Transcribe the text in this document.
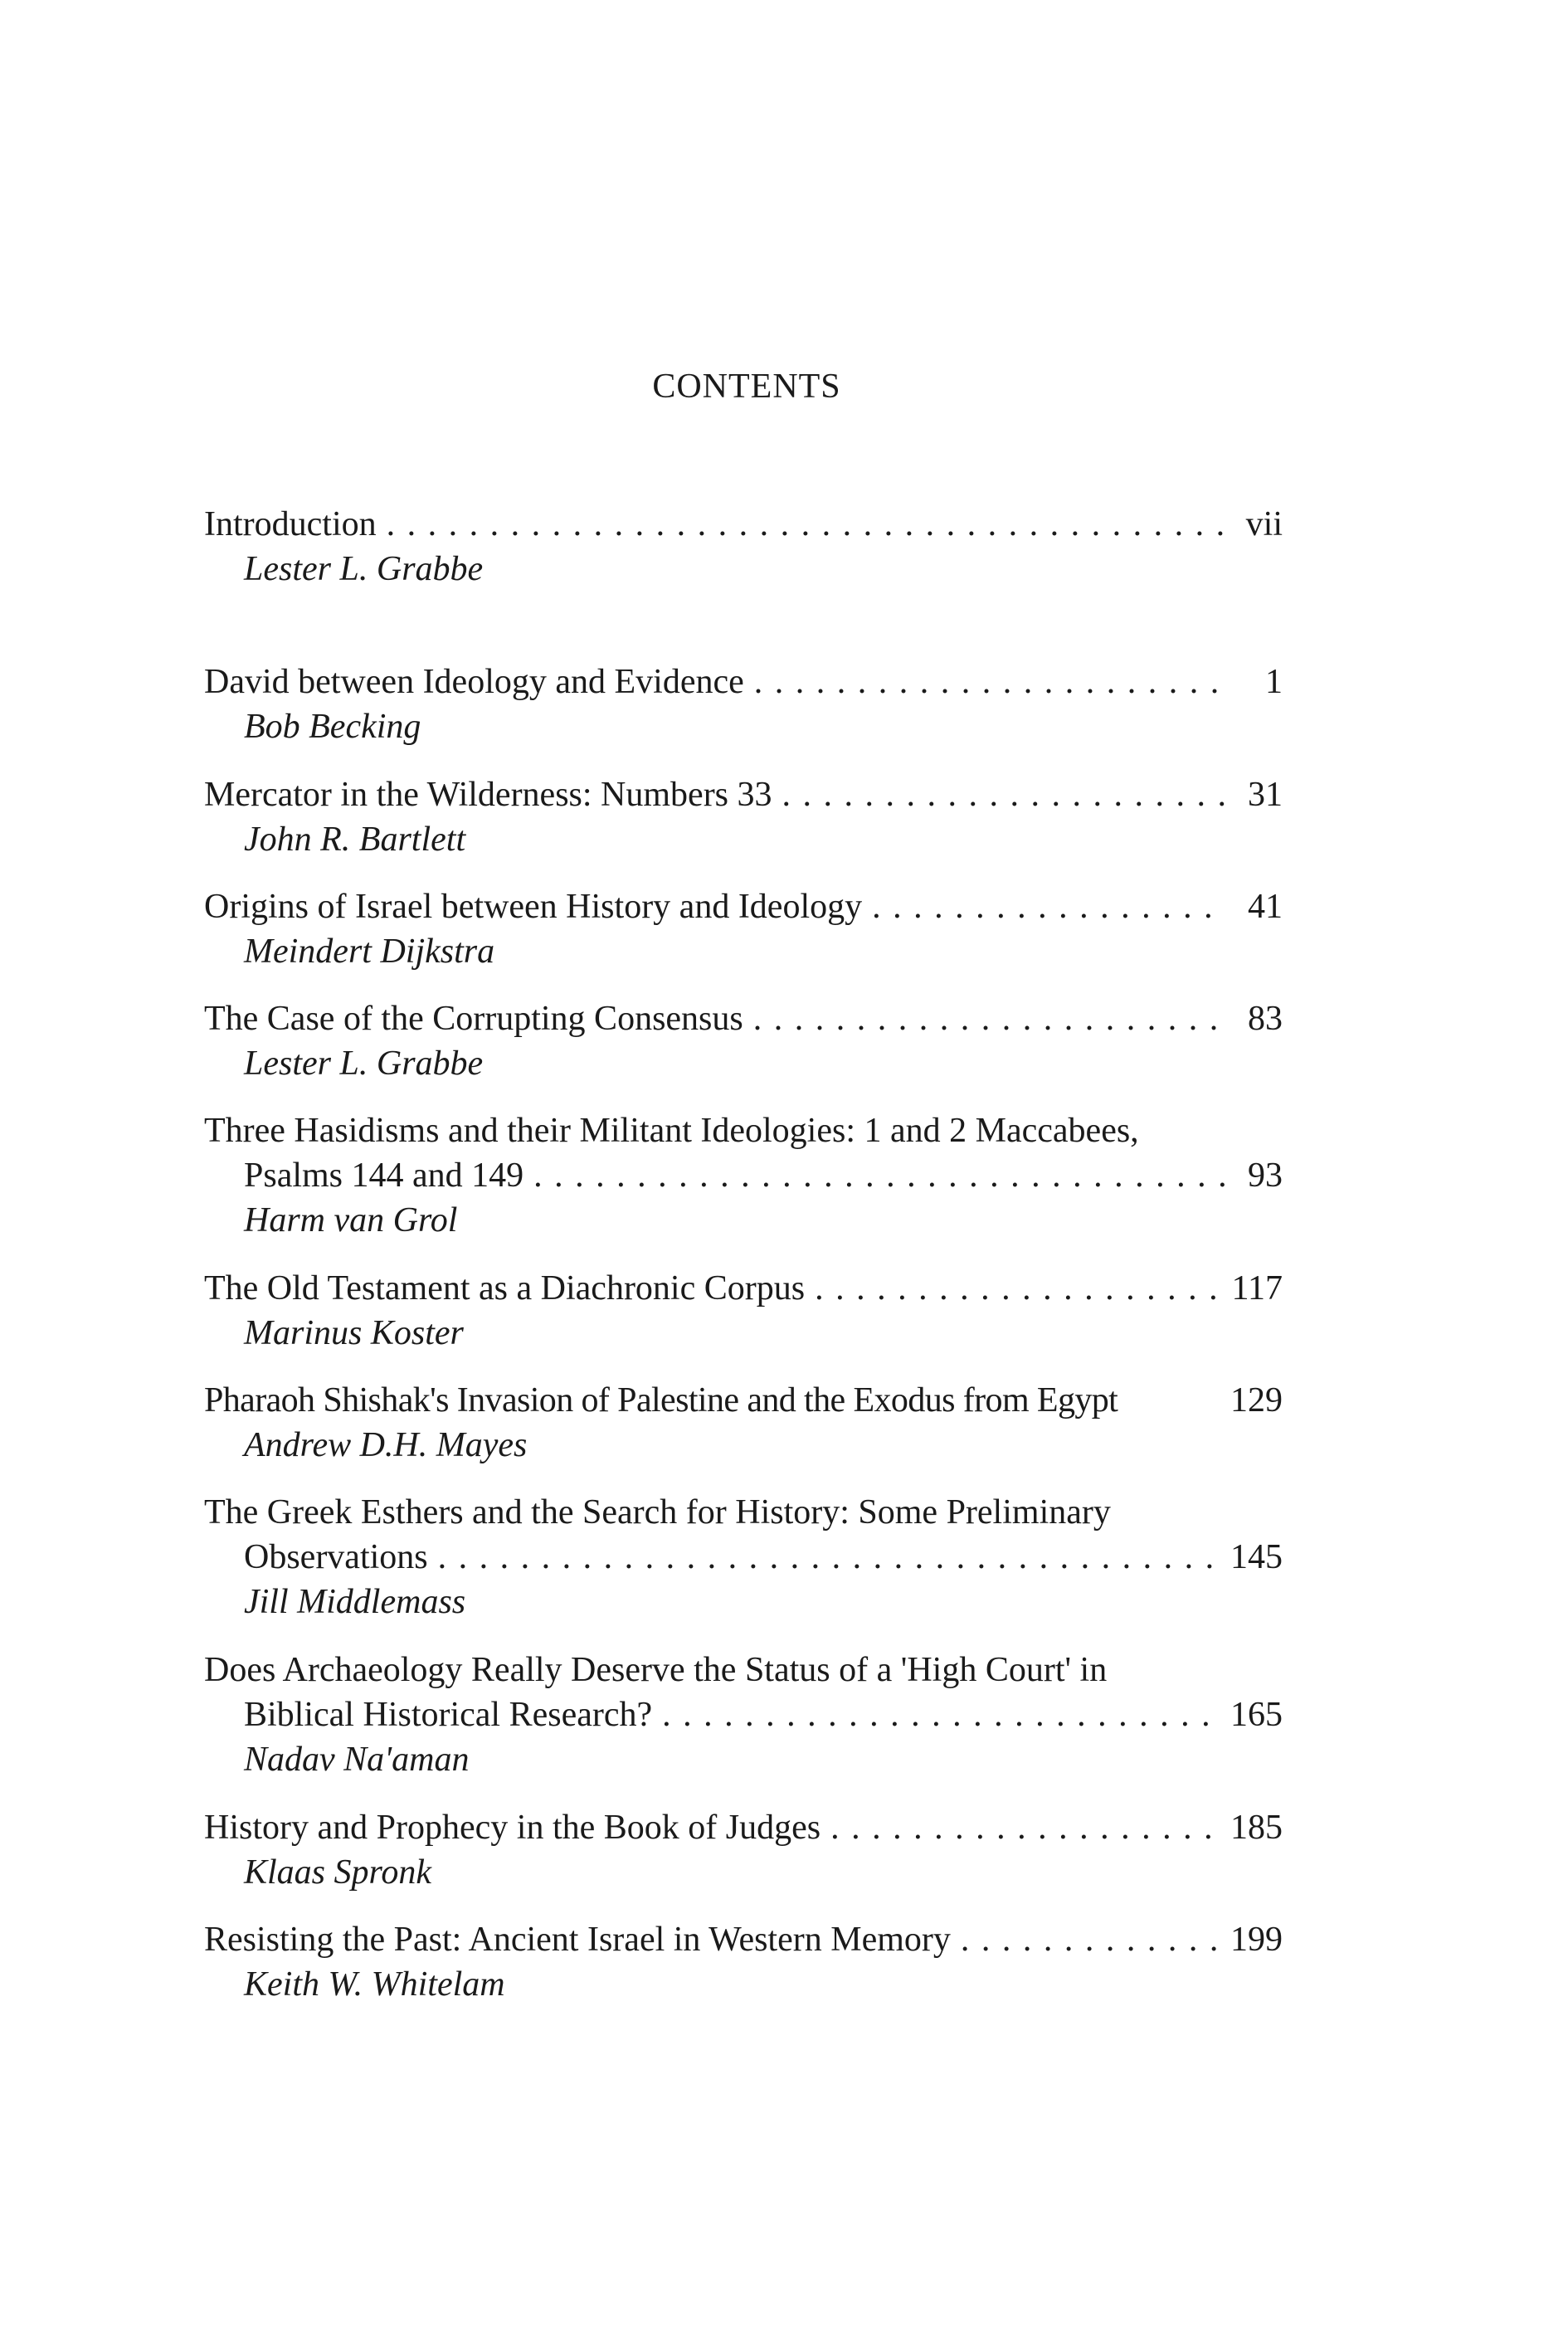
CONTENTS
Introduction . . .	vii
Lester L. Grabbe
David between Ideology and Evidence . . .	1
Bob Becking
Mercator in the Wilderness: Numbers 33 . . .	31
John R. Bartlett
Origins of Israel between History and Ideology . . .	41
Meindert Dijkstra
The Case of the Corrupting Consensus . . .	83
Lester L. Grabbe
Three Hasidisms and their Militant Ideologies: 1 and 2 Maccabees,
Psalms 144 and 149 . . .	93
Harm van Grol
The Old Testament as a Diachronic Corpus . . .	117
Marinus Koster
Pharaoh Shishak's Invasion of Palestine and the Exodus from Egypt	129
Andrew D.H. Mayes
The Greek Esthers and the Search for History: Some Preliminary
Observations . . .	145
Jill Middlemass
Does Archaeology Really Deserve the Status of a 'High Court' in
Biblical Historical Research? . . .	165
Nadav Na'aman
History and Prophecy in the Book of Judges . . .	185
Klaas Spronk
Resisting the Past: Ancient Israel in Western Memory . . .	199
Keith W. Whitelam
